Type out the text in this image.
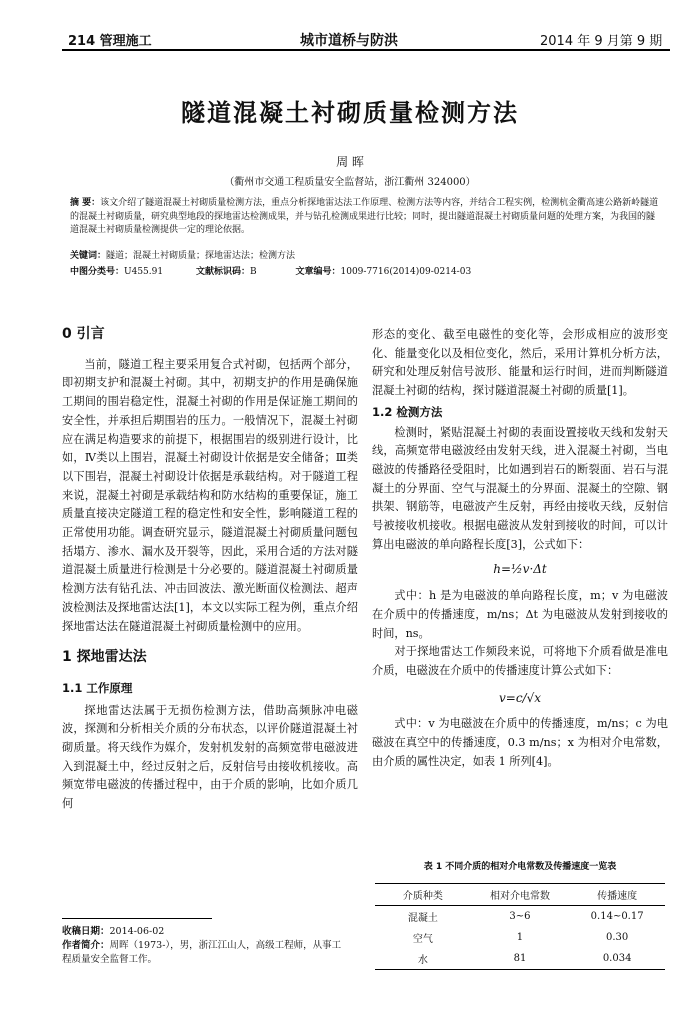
214 管理施工	城市道桥与防洪	2014 年 9 月第 9 期
隧道混凝土衬砌质量检测方法
周 晖
（衢州市交通工程质量安全监督站，浙江衢州 324000）
摘 要：该文介绍了隧道混凝土衬砌质量检测方法，重点分析探地雷达法工作原理、检测方法等内容，并结合工程实例，检测杭金衢高速公路新岭隧道的混凝土衬砌质量，研究典型地段的探地雷达检测成果，并与钻孔检测成果进行比较；同时，提出隧道混凝土衬砌质量问题的处理方案，为我国的隧道混凝土衬砌质量检测提供一定的理论依据。
关键词：隧道；混凝土衬砌质量；探地雷达法；检测方法
中图分类号：U455.91	文献标识码：B	文章编号：1009-7716(2014)09-0214-03
0 引言

当前，隧道工程主要采用复合式衬砌，包括两个部分，即初期支护和混凝土衬砌。其中，初期支护的作用是确保施工期间的围岩稳定性，混凝土衬砌的作用是保证施工期间的安全性，并承担后期围岩的压力。一般情况下，混凝土衬砌应在满足构造要求的前提下，根据围岩的级别进行设计，比如，Ⅳ类以上围岩，混凝土衬砌设计依据是安全储备；Ⅲ类以下围岩，混凝土衬砌设计依据是承载结构。对于隧道工程来说，混凝土衬砌是承载结构和防水结构的重要保证，施工质量直接决定隧道工程的稳定性和安全性，影响隧道工程的正常使用功能。调查研究显示，隧道混凝土衬砌质量问题包括塌方、渗水、漏水及开裂等，因此，采用合适的方法对隧道混凝土质量进行检测是十分必要的。隧道混凝土衬砌质量检测方法有钻孔法、冲击回波法、激光断面仪检测法、超声波检测法及探地雷达法[1]，本文以实际工程为例，重点介绍探地雷达法在隧道混凝土衬砌质量检测中的应用。

1 探地雷达法
1.1 工作原理

探地雷达法属于无损伤检测方法，借助高频脉冲电磁波，探测和分析相关介质的分布状态，以评价隧道混凝土衬砌质量。将天线作为媒介，发射机发射的高频宽带电磁波进入到混凝土中，经过反射之后，反射信号由接收机接收。高频宽带电磁波的传播过程中，由于介质的影响，比如介质几何

收稿日期：2014-06-02
作者简介：周晖（1973-），男，浙江江山人，高级工程师，从事工程质量安全监督工作。

形态的变化、截至电磁性的变化等，会形成相应的波形变化、能量变化以及相位变化，然后，采用计算机分析方法，研究和处理反射信号波形、能量和运行时间，进而判断隧道混凝土衬砌的结构，探讨隧道混凝土衬砌的质量[1]。

1.2 检测方法

检测时，紧贴混凝土衬砌的表面设置接收天线和发射天线，高频宽带电磁波经由发射天线，进入混凝土衬砌，当电磁波的传播路径受阻时，比如遇到岩石的断裂面、岩石与混凝土的分界面、空气与混凝土的分界面、混凝土的空隙、钢拱架、钢筋等，电磁波产生反射，再经由接收天线，反射信号被接收机接收。根据电磁波从发射到接收的时间，可以计算出电磁波的单向路程长度[3]，公式如下：

h=½v·Δt

式中：h 是为电磁波的单向路程长度，m；v 为电磁波在介质中的传播速度，m/ns；Δt 为电磁波从发射到接收的时间，ns。

对于探地雷达工作频段来说，可将地下介质看做是准电介质，电磁波在介质中的传播速度计算公式如下：

v=c/√x

式中：v 为电磁波在介质中的传播速度，m/ns；c 为电磁波在真空中的传播速度，0.3 m/ns；x 为相对介电常数，由介质的属性决定，如表 1 所列[4]。

表 1 不同介质的相对介电常数及传播速度一览表
介质种类	相对介电常数	传播速度
混凝土	3~6	0.14~0.17
空气	1	0.30
水	81	0.034
